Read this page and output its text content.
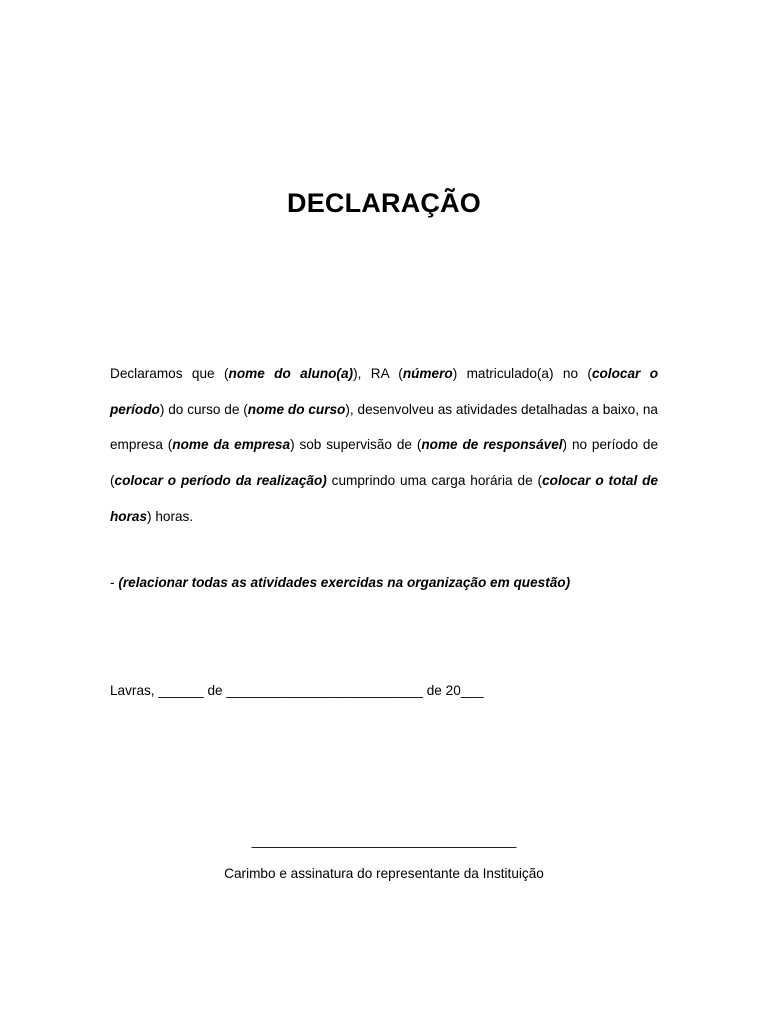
DECLARAÇÃO
Declaramos que (nome do aluno(a)), RA (número) matriculado(a) no (colocar o período) do curso de (nome do curso), desenvolveu as atividades detalhadas a baixo, na empresa (nome da empresa) sob supervisão de (nome de responsável) no período de (colocar o período da realização) cumprindo uma carga horária de (colocar o total de horas) horas.
- (relacionar todas as atividades exercidas na organização em questão)
Lavras, ______ de __________________________ de 20___
___________________________________
Carimbo e assinatura do representante da Instituição
